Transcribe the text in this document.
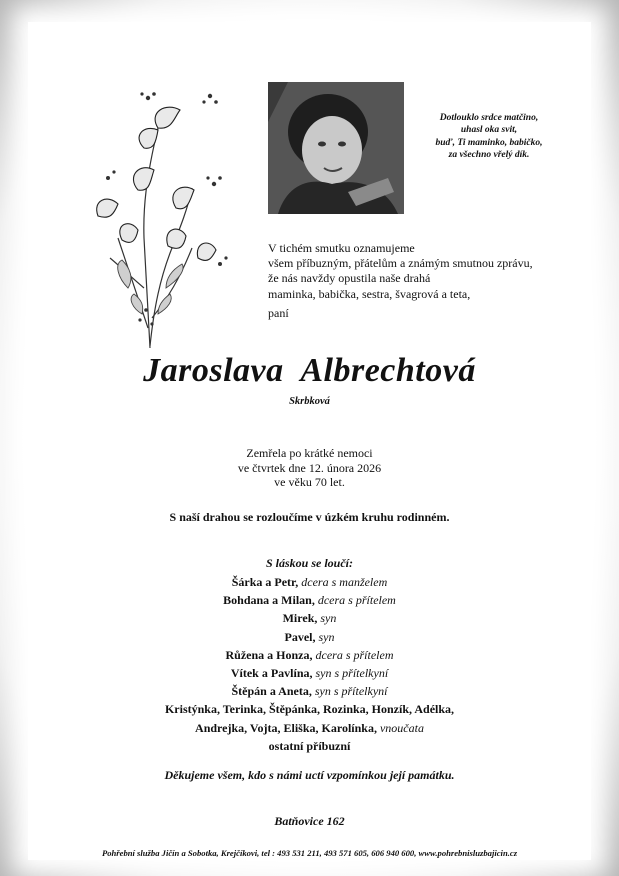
Dotlouklo srdce matčino,
uhasl oka svit,
buď, Ti maminko, babičko,
za všechno vřelý dík.
V tichém smutku oznamujeme
všem příbuzným, přátelům a známým smutnou zprávu,
že nás navždy opustila naše drahá
maminka, babička, sestra, švagrová a teta,
paní
Jaroslava  Albrechtová
Skrbková
Zemřela po krátké nemoci
ve čtvrtek dne 12. února 2026
ve věku 70 let.
S naší drahou se rozloučíme v úzkém kruhu rodinném.
S láskou se loučí:
Šárka a Petr, dcera s manželem
Bohdana a Milan, dcera s přítelem
Mirek, syn
Pavel, syn
Růžena a Honza, dcera s přítelem
Vítek a Pavlína, syn s přítelkyní
Štěpán a Aneta, syn s přítelkyní
Kristýnka, Terinka, Štěpánka, Rozinka, Honzík, Adélka,
Andrejka, Vojta, Eliška, Karolínka, vnoučata
ostatní příbuzní
Děkujeme všem, kdo s námi uctí vzpomínkou její památku.
Batňovice 162
Pohřební služba Jičín a Sobotka, Krejčíkovi, tel : 493 531 211, 493 571 605, 606 940 600, www.pohrebnisluzbajicin.cz
